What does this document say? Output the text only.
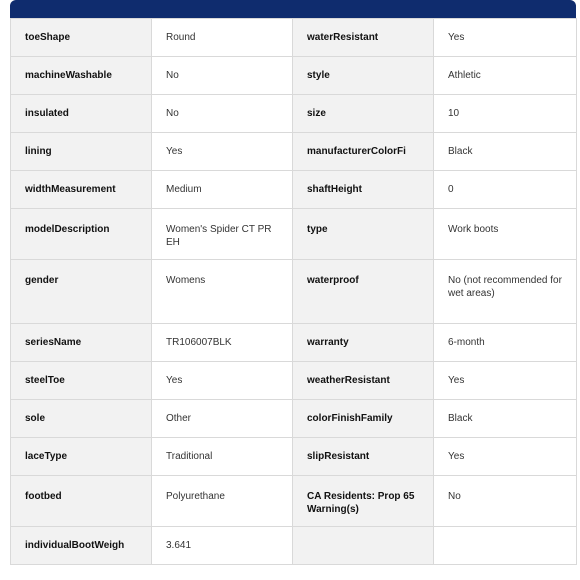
toeShape	Round	waterResistant	Yes
machineWashable	No	style	Athletic
insulated	No	size	10
lining	Yes	manufacturerColorFi	Black
widthMeasurement	Medium	shaftHeight	0
modelDescription	Women's Spider CT PR EH	type	Work boots
gender	Womens	waterproof	No (not recommended for wet areas)
seriesName	TR106007BLK	warranty	6-month
steelToe	Yes	weatherResistant	Yes
sole	Other	colorFinishFamily	Black
laceType	Traditional	slipResistant	Yes
footbed	Polyurethane	CA Residents: Prop 65 Warning(s)	No
individualBootWeigh	3.641		
